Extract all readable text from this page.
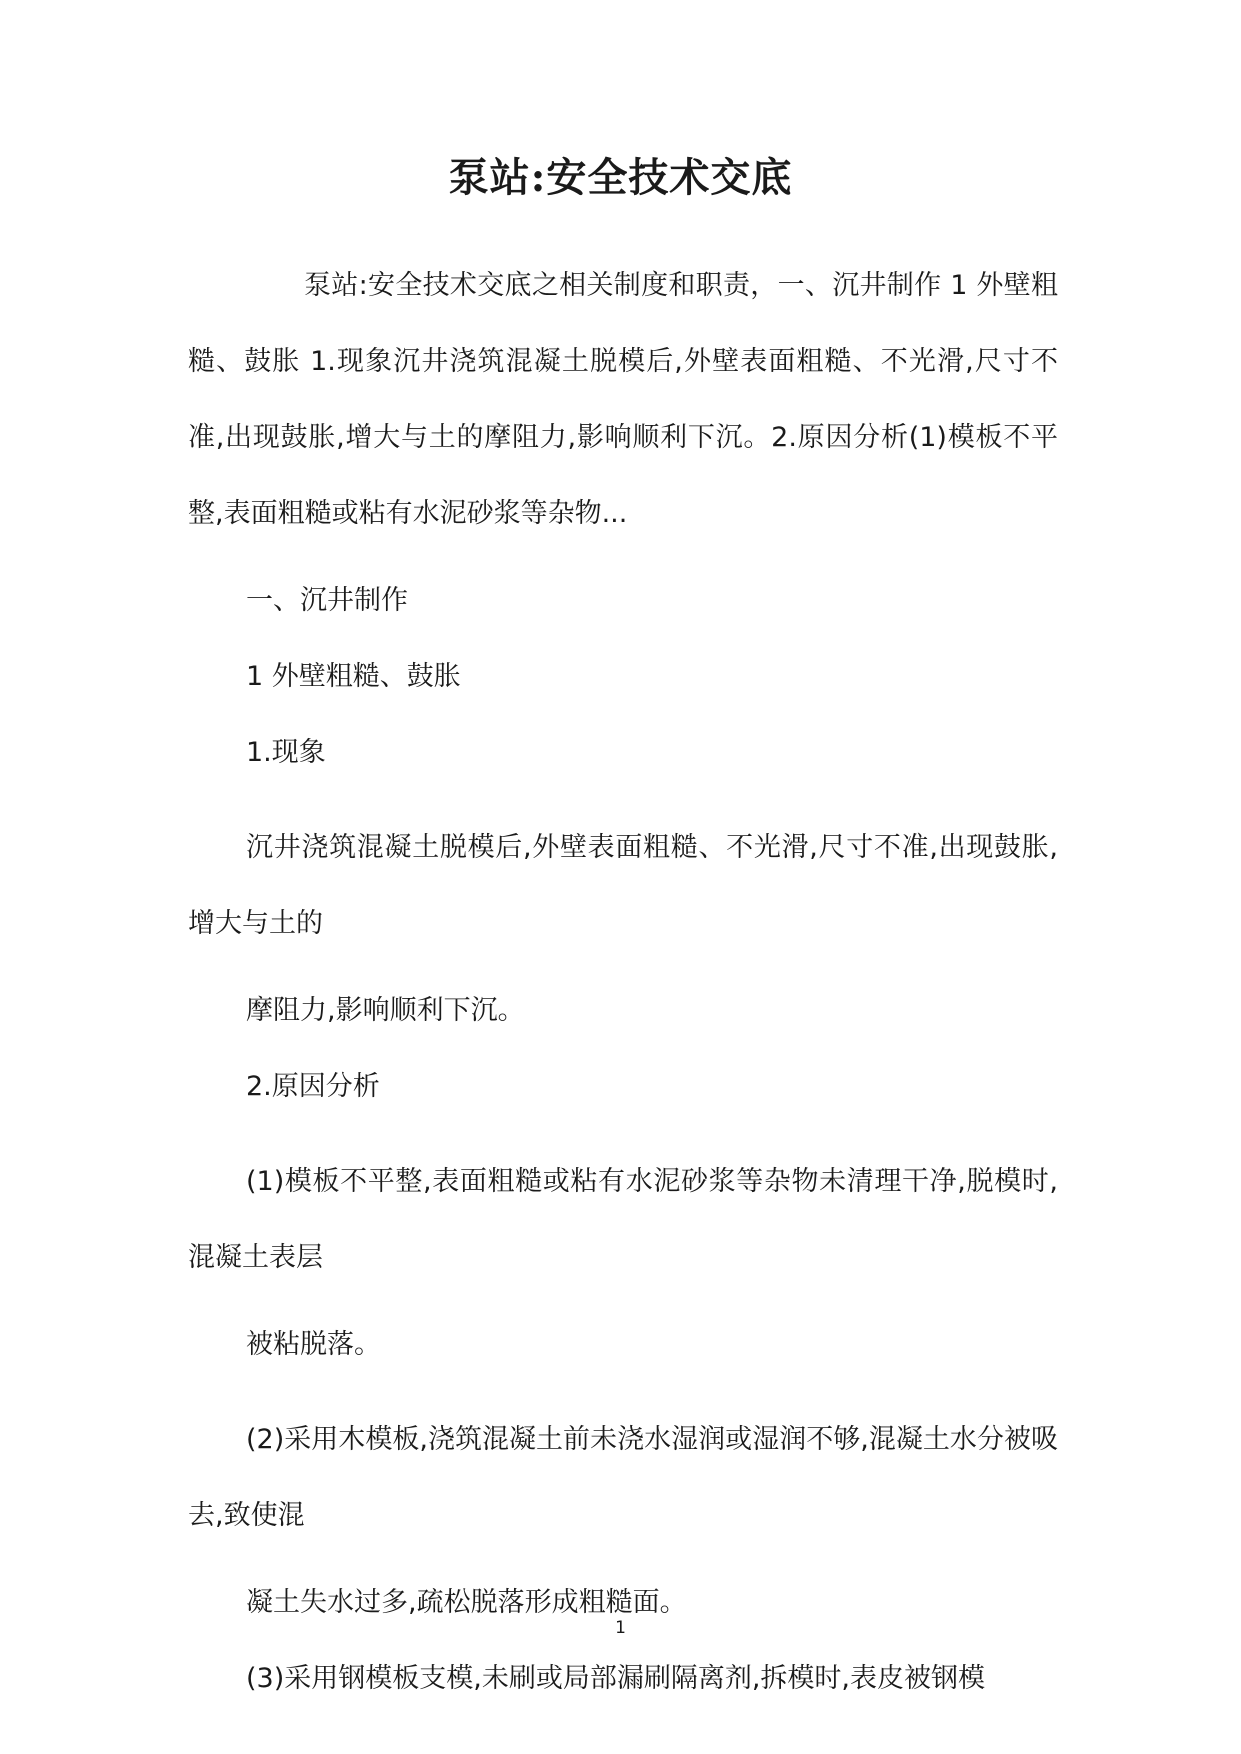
泵站:安全技术交底

泵站:安全技术交底之相关制度和职责，一、沉井制作 1 外壁粗糙、鼓胀 1.现象沉井浇筑混凝土脱模后,外壁表面粗糙、不光滑,尺寸不准,出现鼓胀,增大与土的摩阻力,影响顺利下沉。2.原因分析(1)模板不平整,表面粗糙或粘有水泥砂浆等杂物...

一、沉井制作

1 外壁粗糙、鼓胀

1.现象

沉井浇筑混凝土脱模后,外壁表面粗糙、不光滑,尺寸不准,出现鼓胀,增大与土的

摩阻力,影响顺利下沉。

2.原因分析

(1)模板不平整,表面粗糙或粘有水泥砂浆等杂物未清理干净,脱模时,混凝土表层

被粘脱落。

(2)采用木模板,浇筑混凝土前未浇水湿润或湿润不够,混凝土水分被吸去,致使混

凝土失水过多,疏松脱落形成粗糙面。

(3)采用钢模板支模,未刷或局部漏刷隔离剂,拆模时,表皮被钢模

1
